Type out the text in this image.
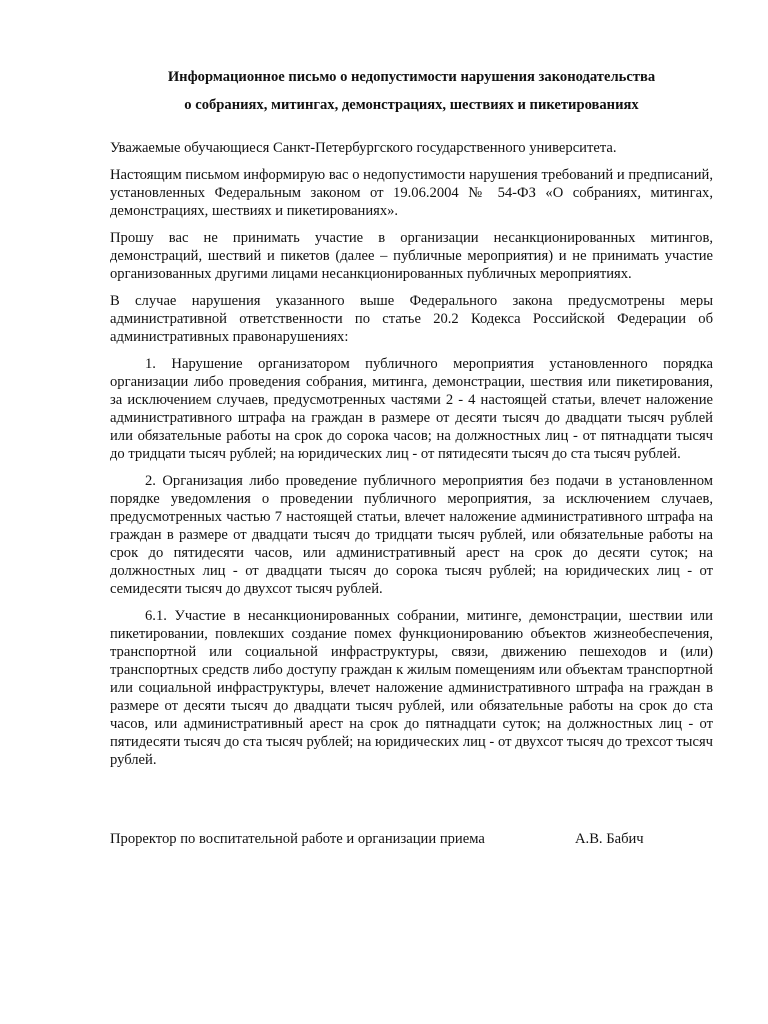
Информационное письмо о недопустимости нарушения законодательства

о собраниях, митингах, демонстрациях, шествиях и пикетированиях

Уважаемые обучающиеся Санкт-Петербургского государственного университета.

Настоящим письмом информирую вас о недопустимости нарушения требований и предписаний, установленных Федеральным законом от 19.06.2004 № 54-ФЗ «О собраниях, митингах, демонстрациях, шествиях и пикетированиях».

Прошу вас не принимать участие в организации несанкционированных митингов, демонстраций, шествий и пикетов (далее – публичные мероприятия) и не принимать участие организованных другими лицами несанкционированных публичных мероприятиях.

В случае нарушения указанного выше Федерального закона предусмотрены меры административной ответственности по статье 20.2 Кодекса Российской Федерации об административных правонарушениях:

1. Нарушение организатором публичного мероприятия установленного порядка организации либо проведения собрания, митинга, демонстрации, шествия или пикетирования, за исключением случаев, предусмотренных частями 2 - 4 настоящей статьи, влечет наложение административного штрафа на граждан в размере от десяти тысяч до двадцати тысяч рублей или обязательные работы на срок до сорока часов; на должностных лиц - от пятнадцати тысяч до тридцати тысяч рублей; на юридических лиц - от пятидесяти тысяч до ста тысяч рублей.

2. Организация либо проведение публичного мероприятия без подачи в установленном порядке уведомления о проведении публичного мероприятия, за исключением случаев, предусмотренных частью 7 настоящей статьи, влечет наложение административного штрафа на граждан в размере от двадцати тысяч до тридцати тысяч рублей, или обязательные работы на срок до пятидесяти часов, или административный арест на срок до десяти суток; на должностных лиц - от двадцати тысяч до сорока тысяч рублей; на юридических лиц - от семидесяти тысяч до двухсот тысяч рублей.

6.1. Участие в несанкционированных собрании, митинге, демонстрации, шествии или пикетировании, повлекших создание помех функционированию объектов жизнеобеспечения, транспортной или социальной инфраструктуры, связи, движению пешеходов и (или) транспортных средств либо доступу граждан к жилым помещениям или объектам транспортной или социальной инфраструктуры, влечет наложение административного штрафа на граждан в размере от десяти тысяч до двадцати тысяч рублей, или обязательные работы на срок до ста часов, или административный арест на срок до пятнадцати суток; на должностных лиц - от пятидесяти тысяч до ста тысяч рублей; на юридических лиц - от двухсот тысяч до трехсот тысяч рублей.

Проректор по воспитательной работе и организации приема	А.В. Бабич
